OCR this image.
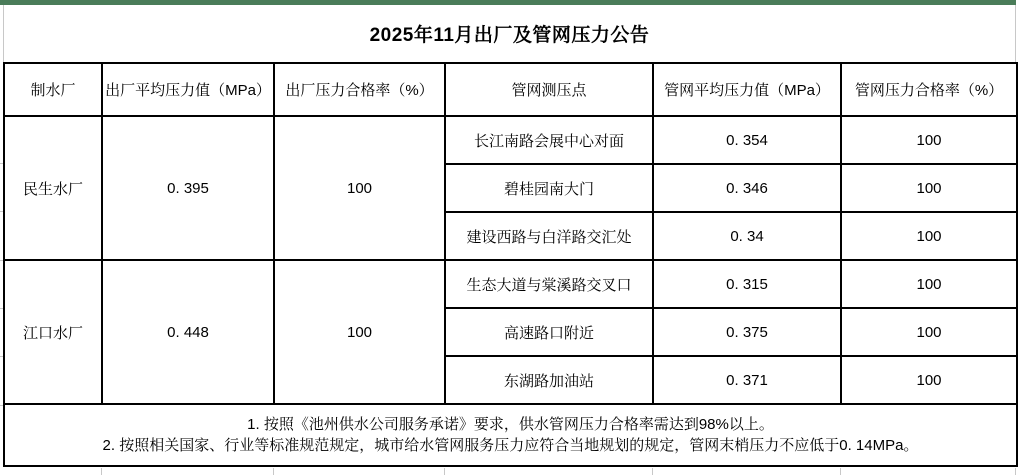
2025年11月出厂及管网压力公告
制水厂	出厂平均压力值（MPa）	出厂压力合格率（%）	管网测压点	管网平均压力值（MPa）	管网压力合格率（%）
民生水厂	0. 395	100	长江南路会展中心对面	0. 354	100
			碧桂园南大门	0. 346	100
			建设西路与白洋路交汇处	0. 34	100
江口水厂	0. 448	100	生态大道与棠溪路交叉口	0. 315	100
			高速路口附近	0. 375	100
			东湖路加油站	0. 371	100

1. 按照《池州供水公司服务承诺》要求，供水管网压力合格率需达到98%以上。
2. 按照相关国家、行业等标准规范规定，城市给水管网服务压力应符合当地规划的规定，管网末梢压力不应低于0. 14MPa。					
